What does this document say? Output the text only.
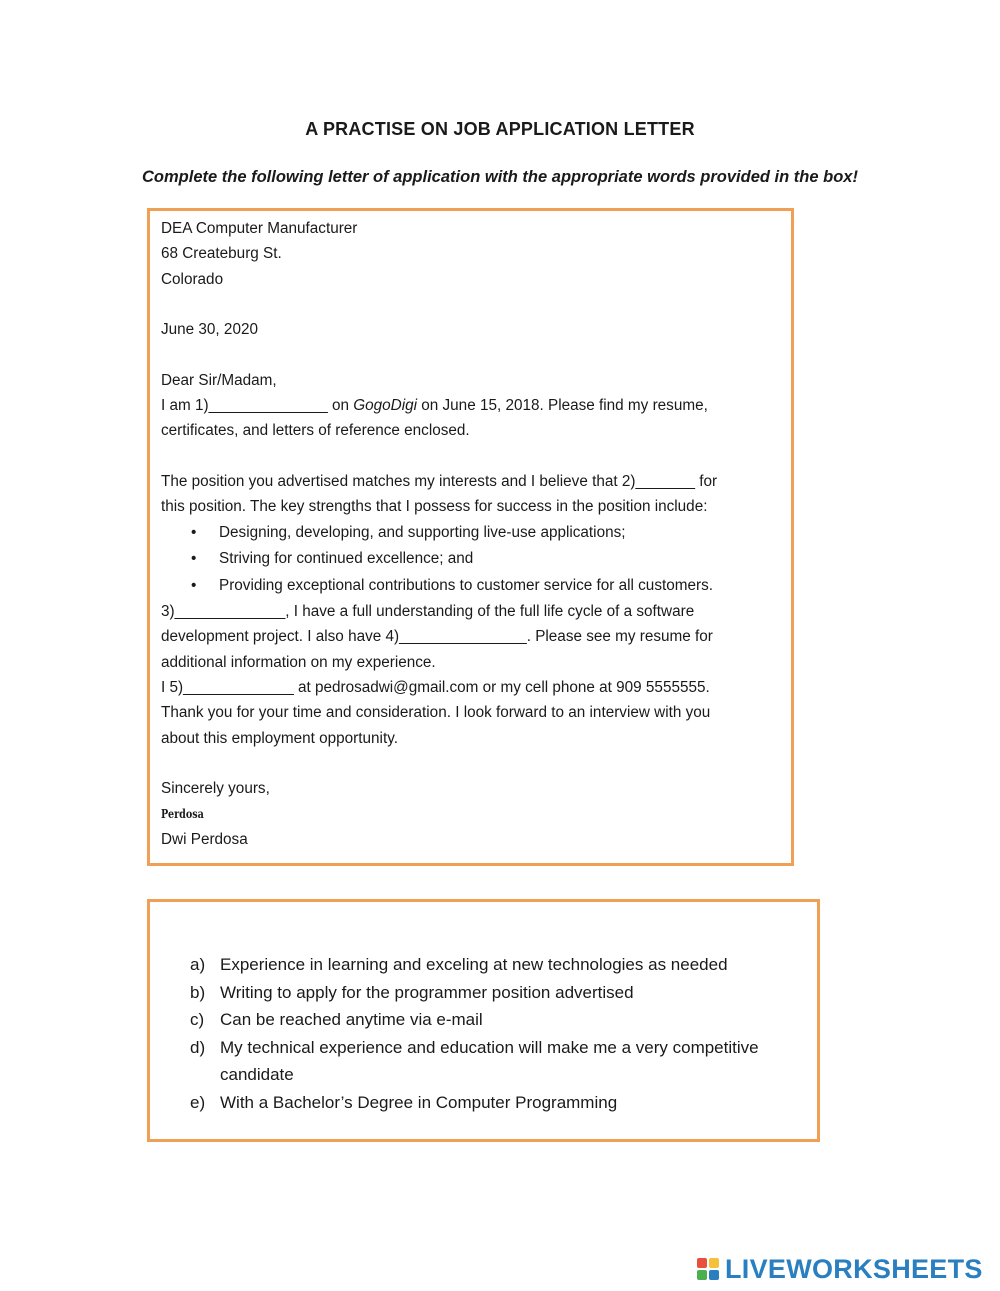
A PRACTISE ON JOB APPLICATION LETTER
Complete the following letter of application with the appropriate words provided in the box!

DEA Computer Manufacturer

68 Createburg St.

Colorado

June 30, 2020

Dear Sir/Madam,

I am 1)______________ on GogoDigi on June 15, 2018. Please find my resume,

certificates, and letters of reference enclosed.

The position you advertised matches my interests and I believe that 2)_______ for

this position. The key strengths that I possess for success in the position include:

• Designing, developing, and supporting live-use applications;
• Striving for continued excellence; and
• Providing exceptional contributions to customer service for all customers.

3)_____________, I have a full understanding of the full life cycle of a software

development project. I also have 4)_______________. Please see my resume for

additional information on my experience.

I 5)_____________ at pedrosadwi@gmail.com or my cell phone at 909 5555555.

Thank you for your time and consideration. I look forward to an interview with you

about this employment opportunity.

Sincerely yours,

Perdosa

Dwi Perdosa

a) Experience in learning and exceling at new technologies as needed
b) Writing to apply for the programmer position advertised
c) Can be reached anytime via e-mail
d) My technical experience and education will make me a very competitive candidate
e) With a Bachelor’s Degree in Computer Programming
LIVEWORKSHEETS
